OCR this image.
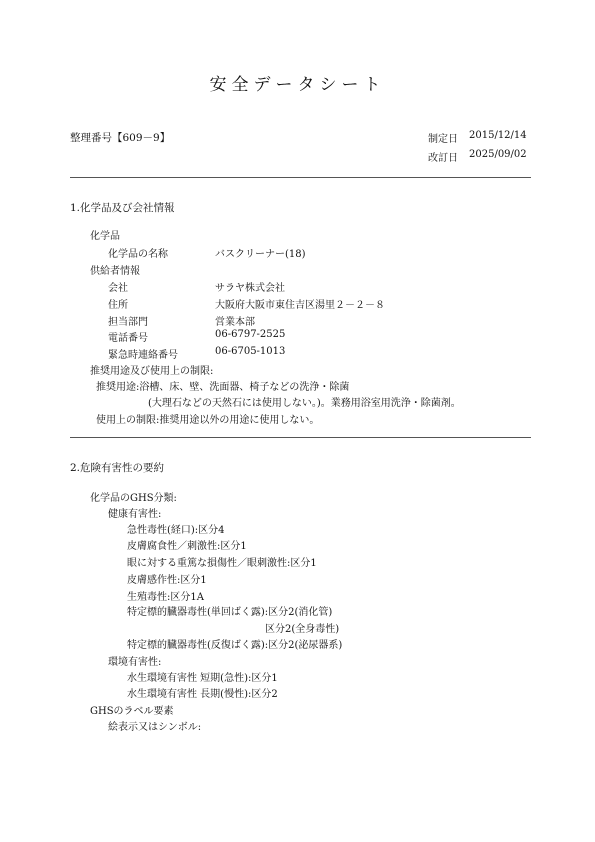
安全データシート
整理番号【609－9】	制定日 2015/12/14
改訂日 2025/09/02
1.化学品及び会社情報
化学品
化学品の名称	バスクリーナー(18)
供給者情報
会社	サラヤ株式会社
住所	大阪府大阪市東住吉区湯里２－２－８
担当部門	営業本部
電話番号	06-6797-2525
緊急時連絡番号	06-6705-1013
推奨用途及び使用上の制限:
推奨用途:浴槽、床、壁、洗面器、椅子などの洗浄・除菌
(大理石などの天然石には使用しない。)。業務用浴室用洗浄・除菌剤。
使用上の制限:推奨用途以外の用途に使用しない。
2.危険有害性の要約
化学品のGHS分類:
健康有害性:
急性毒性(経口):区分4
皮膚腐食性／刺激性:区分1
眼に対する重篤な損傷性／眼刺激性:区分1
皮膚感作性:区分1
生殖毒性:区分1A
特定標的臓器毒性(単回ばく露):区分2(消化管)
区分2(全身毒性)
特定標的臓器毒性(反復ばく露):区分2(泌尿器系)
環境有害性:
水生環境有害性 短期(急性):区分1
水生環境有害性 長期(慢性):区分2
GHSのラベル要素
絵表示又はシンボル:
